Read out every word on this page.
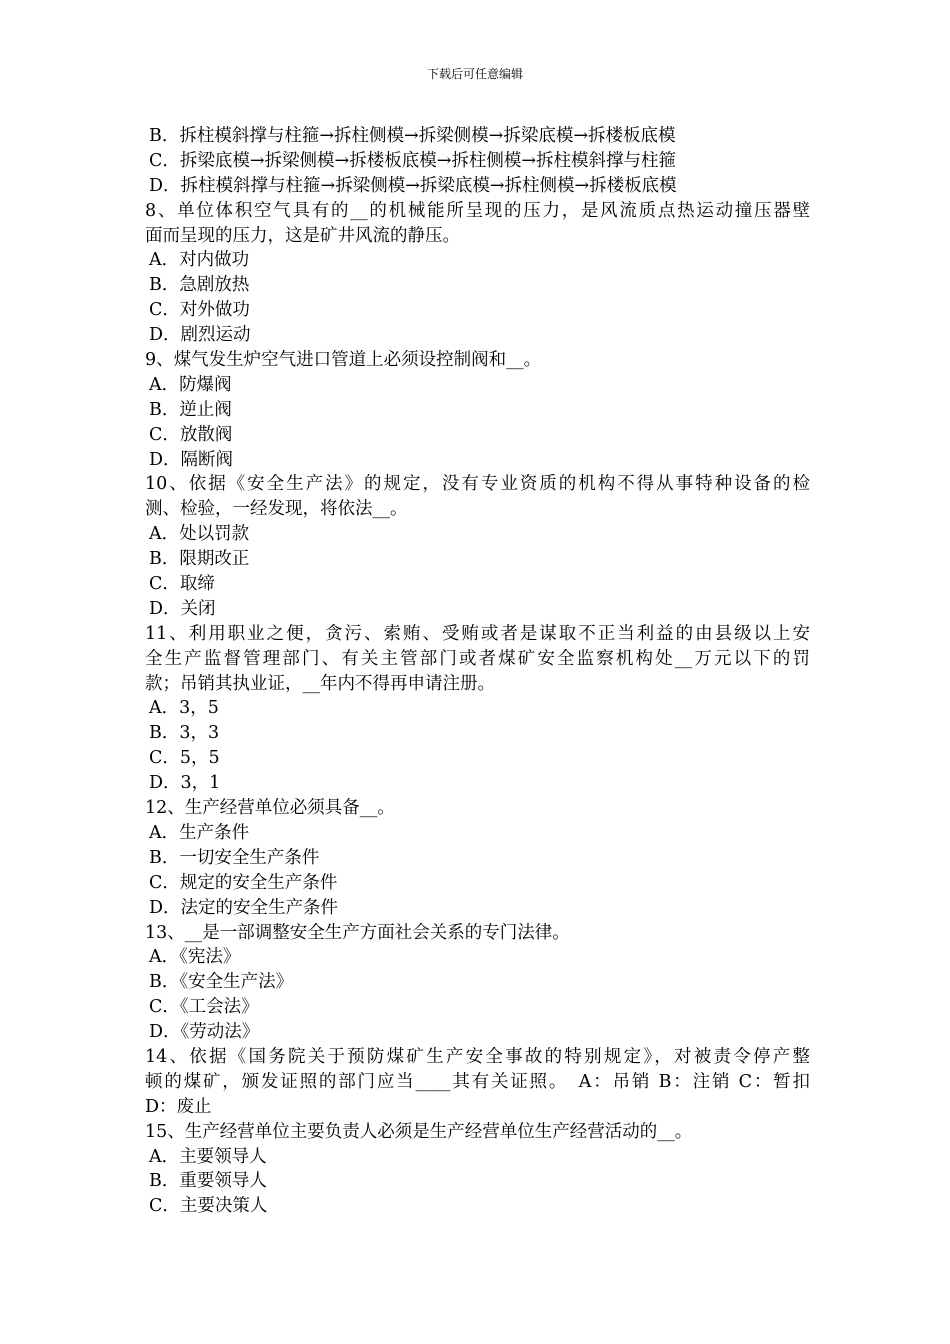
下载后可任意编辑
B．拆柱模斜撑与柱箍→拆柱侧模→拆梁侧模→拆梁底模→拆楼板底模
C．拆梁底模→拆梁侧模→拆楼板底模→拆柱侧模→拆柱模斜撑与柱箍
D．拆柱模斜撑与柱箍→拆梁侧模→拆梁底模→拆柱侧模→拆楼板底模
8、单位体积空气具有的__的机械能所呈现的压力，是风流质点热运动撞压器壁
面而呈现的压力，这是矿井风流的静压。
A．对内做功
B．急剧放热
C．对外做功
D．剧烈运动
9、煤气发生炉空气进口管道上必须设控制阀和__。
A．防爆阀
B．逆止阀
C．放散阀
D．隔断阀
10、依据《安全生产法》的规定，没有专业资质的机构不得从事特种设备的检
测、检验，一经发现，将依法__。
A．处以罚款
B．限期改正
C．取缔
D．关闭
11、利用职业之便，贪污、索贿、受贿或者是谋取不正当利益的由县级以上安
全生产监督管理部门、有关主管部门或者煤矿安全监察机构处__万元以下的罚
款；吊销其执业证，__年内不得再申请注册。
A．3，5
B．3，3
C．5，5
D．3，1
12、生产经营单位必须具备__。
A．生产条件
B．一切安全生产条件
C．规定的安全生产条件
D．法定的安全生产条件
13、__是一部调整安全生产方面社会关系的专门法律。
A．《宪法》
B．《安全生产法》
C．《工会法》
D．《劳动法》
14、依据《国务院关于预防煤矿生产安全事故的特别规定》，对被责令停产整
顿的煤矿，颁发证照的部门应当____其有关证照。　A：吊销 B：注销 C：暂扣
D：废止
15、生产经营单位主要负责人必须是生产经营单位生产经营活动的__。
A．主要领导人
B．重要领导人
C．主要决策人
